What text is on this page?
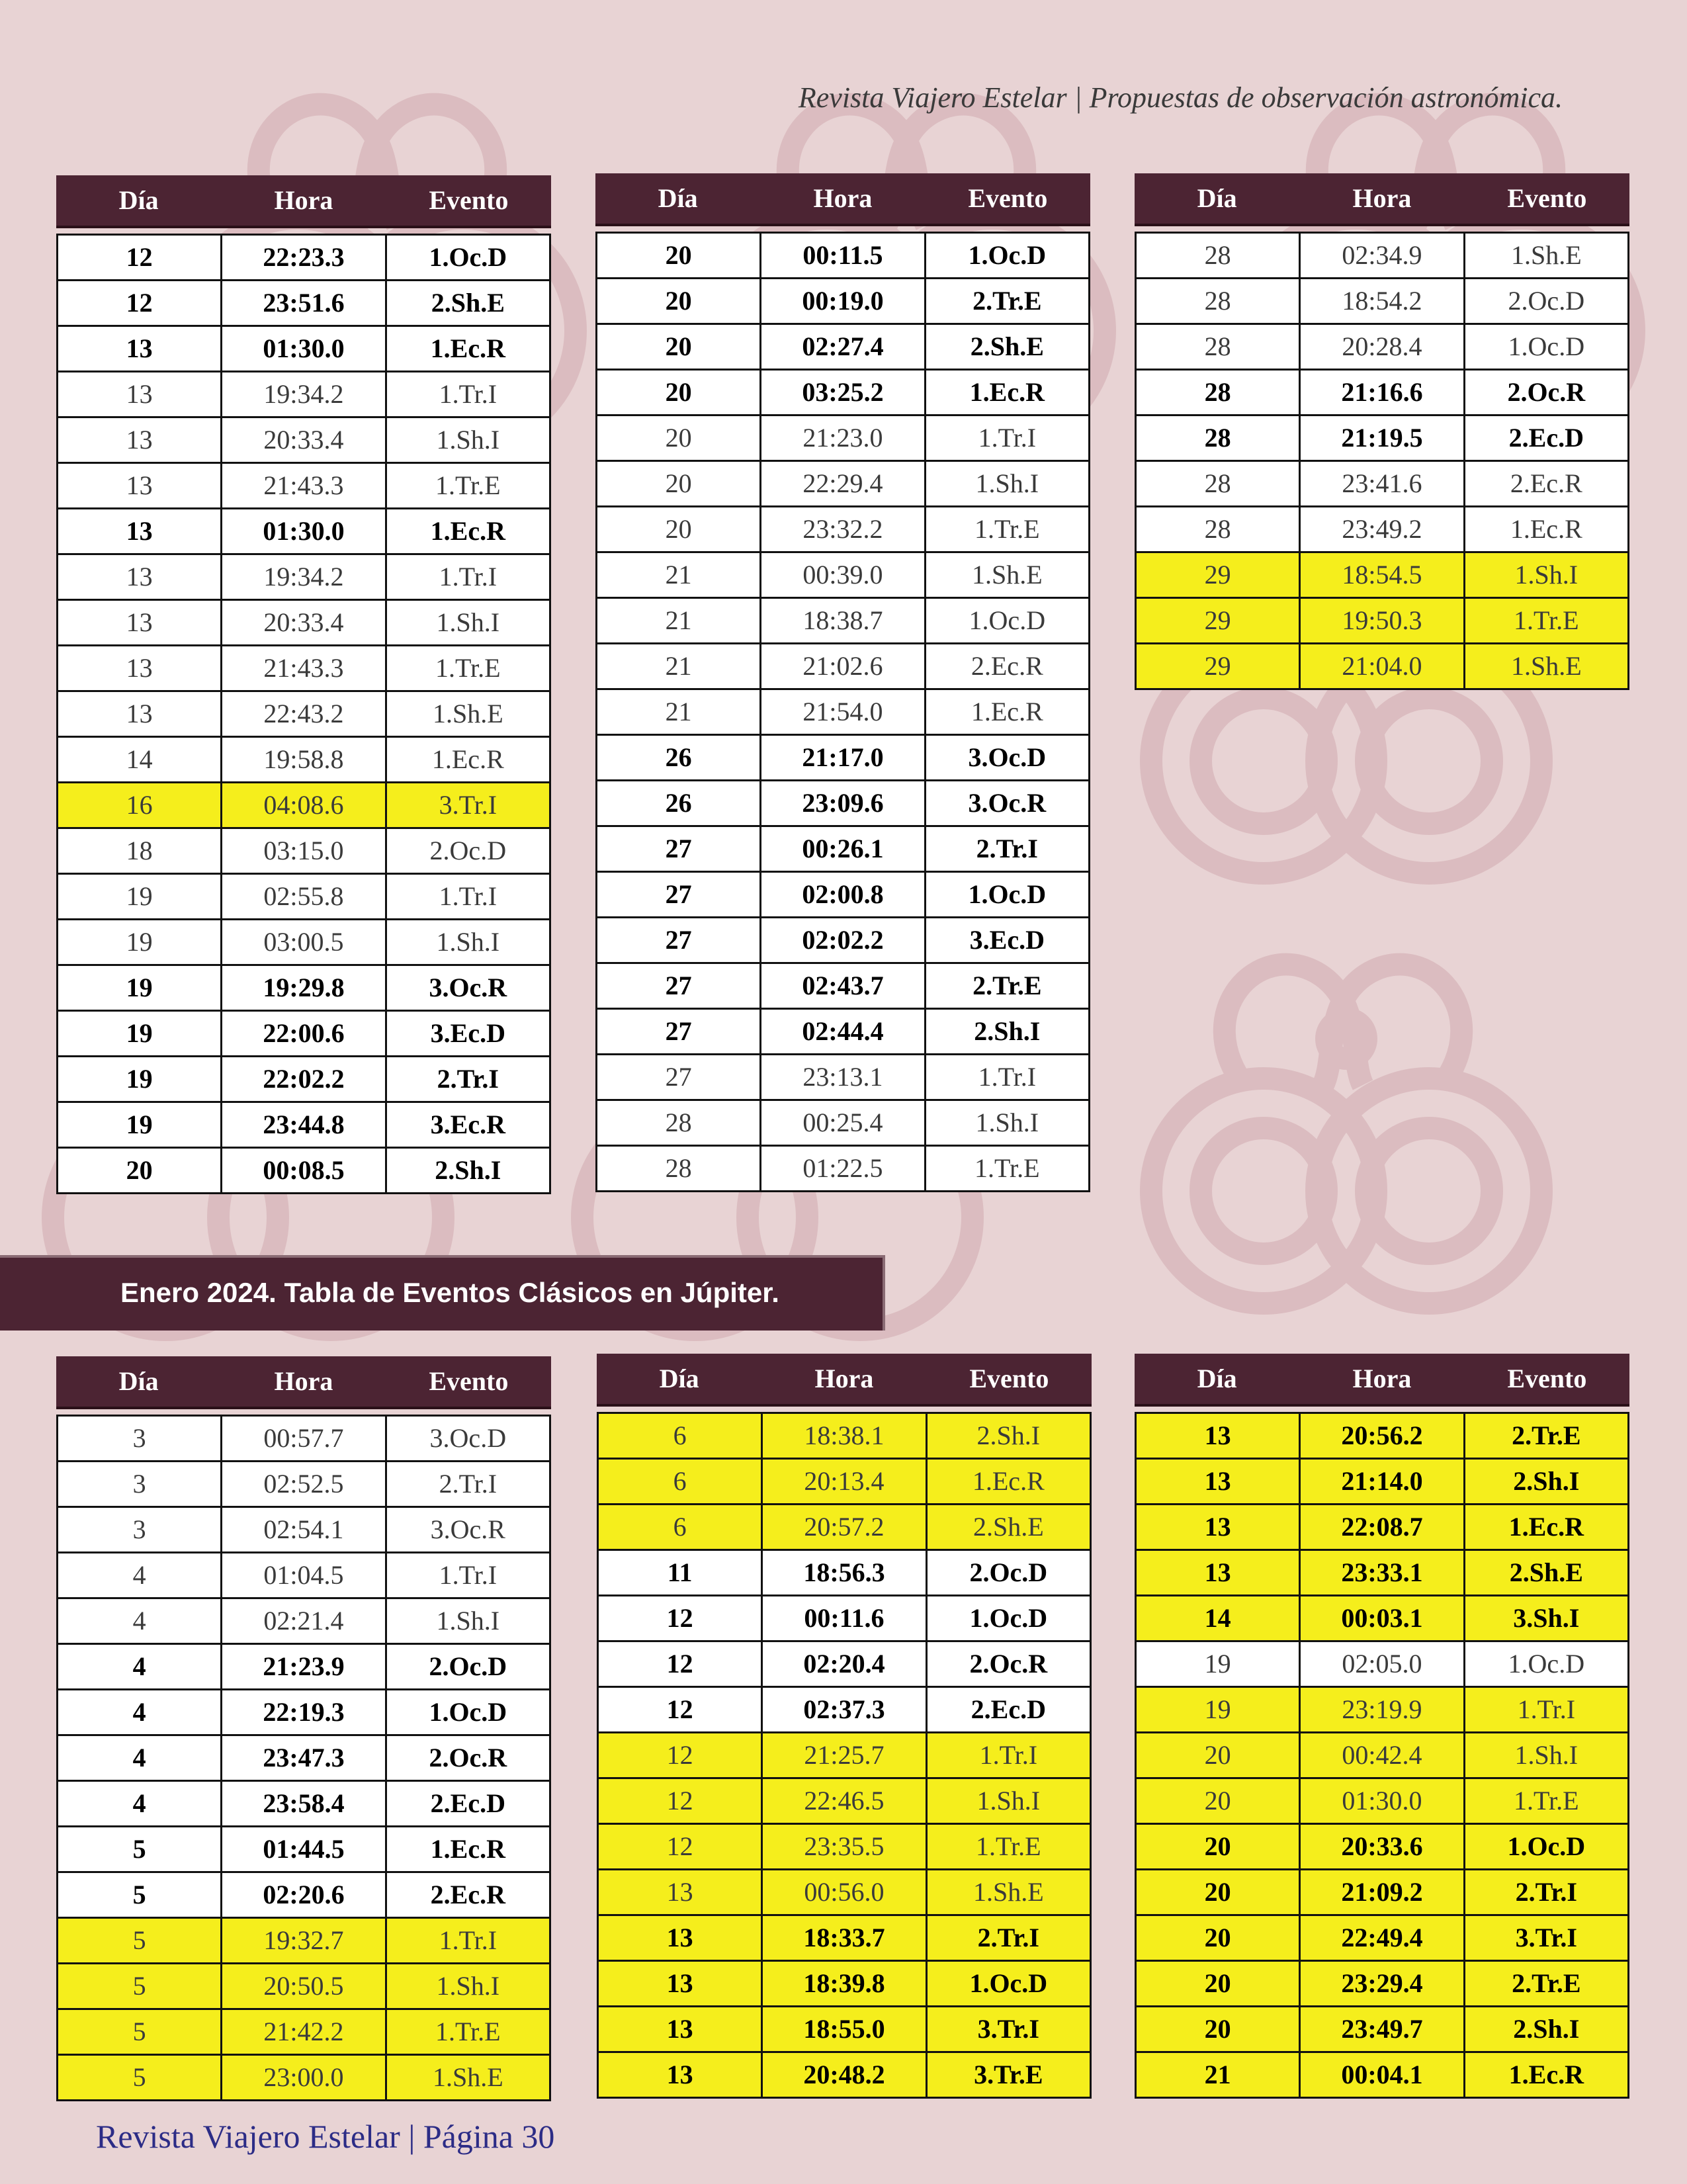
Revista Viajero Estelar | Propuestas de observación astronómica.
Día	Hora	Evento
12	22:23.3	1.Oc.D
12	23:51.6	2.Sh.E
13	01:30.0	1.Ec.R
13	19:34.2	1.Tr.I
13	20:33.4	1.Sh.I
13	21:43.3	1.Tr.E
13	01:30.0	1.Ec.R
13	19:34.2	1.Tr.I
13	20:33.4	1.Sh.I
13	21:43.3	1.Tr.E
13	22:43.2	1.Sh.E
14	19:58.8	1.Ec.R
16	04:08.6	3.Tr.I
18	03:15.0	2.Oc.D
19	02:55.8	1.Tr.I
19	03:00.5	1.Sh.I
19	19:29.8	3.Oc.R
19	22:00.6	3.Ec.D
19	22:02.2	2.Tr.I
19	23:44.8	3.Ec.R
20	00:08.5	2.Sh.I
Día	Hora	Evento
20	00:11.5	1.Oc.D
20	00:19.0	2.Tr.E
20	02:27.4	2.Sh.E
20	03:25.2	1.Ec.R
20	21:23.0	1.Tr.I
20	22:29.4	1.Sh.I
20	23:32.2	1.Tr.E
21	00:39.0	1.Sh.E
21	18:38.7	1.Oc.D
21	21:02.6	2.Ec.R
21	21:54.0	1.Ec.R
26	21:17.0	3.Oc.D
26	23:09.6	3.Oc.R
27	00:26.1	2.Tr.I
27	02:00.8	1.Oc.D
27	02:02.2	3.Ec.D
27	02:43.7	2.Tr.E
27	02:44.4	2.Sh.I
27	23:13.1	1.Tr.I
28	00:25.4	1.Sh.I
28	01:22.5	1.Tr.E
Día	Hora	Evento
28	02:34.9	1.Sh.E
28	18:54.2	2.Oc.D
28	20:28.4	1.Oc.D
28	21:16.6	2.Oc.R
28	21:19.5	2.Ec.D
28	23:41.6	2.Ec.R
28	23:49.2	1.Ec.R
29	18:54.5	1.Sh.I
29	19:50.3	1.Tr.E
29	21:04.0	1.Sh.E
Enero 2024. Tabla de Eventos Clásicos en Júpiter.
Día	Hora	Evento
3	00:57.7	3.Oc.D
3	02:52.5	2.Tr.I
3	02:54.1	3.Oc.R
4	01:04.5	1.Tr.I
4	02:21.4	1.Sh.I
4	21:23.9	2.Oc.D
4	22:19.3	1.Oc.D
4	23:47.3	2.Oc.R
4	23:58.4	2.Ec.D
5	01:44.5	1.Ec.R
5	02:20.6	2.Ec.R
5	19:32.7	1.Tr.I
5	20:50.5	1.Sh.I
5	21:42.2	1.Tr.E
5	23:00.0	1.Sh.E
Día	Hora	Evento
6	18:38.1	2.Sh.I
6	20:13.4	1.Ec.R
6	20:57.2	2.Sh.E
11	18:56.3	2.Oc.D
12	00:11.6	1.Oc.D
12	02:20.4	2.Oc.R
12	02:37.3	2.Ec.D
12	21:25.7	1.Tr.I
12	22:46.5	1.Sh.I
12	23:35.5	1.Tr.E
13	00:56.0	1.Sh.E
13	18:33.7	2.Tr.I
13	18:39.8	1.Oc.D
13	18:55.0	3.Tr.I
13	20:48.2	3.Tr.E
Día	Hora	Evento
13	20:56.2	2.Tr.E
13	21:14.0	2.Sh.I
13	22:08.7	1.Ec.R
13	23:33.1	2.Sh.E
14	00:03.1	3.Sh.I
19	02:05.0	1.Oc.D
19	23:19.9	1.Tr.I
20	00:42.4	1.Sh.I
20	01:30.0	1.Tr.E
20	20:33.6	1.Oc.D
20	21:09.2	2.Tr.I
20	22:49.4	3.Tr.I
20	23:29.4	2.Tr.E
20	23:49.7	2.Sh.I
21	00:04.1	1.Ec.R
Revista Viajero Estelar | Página 30
